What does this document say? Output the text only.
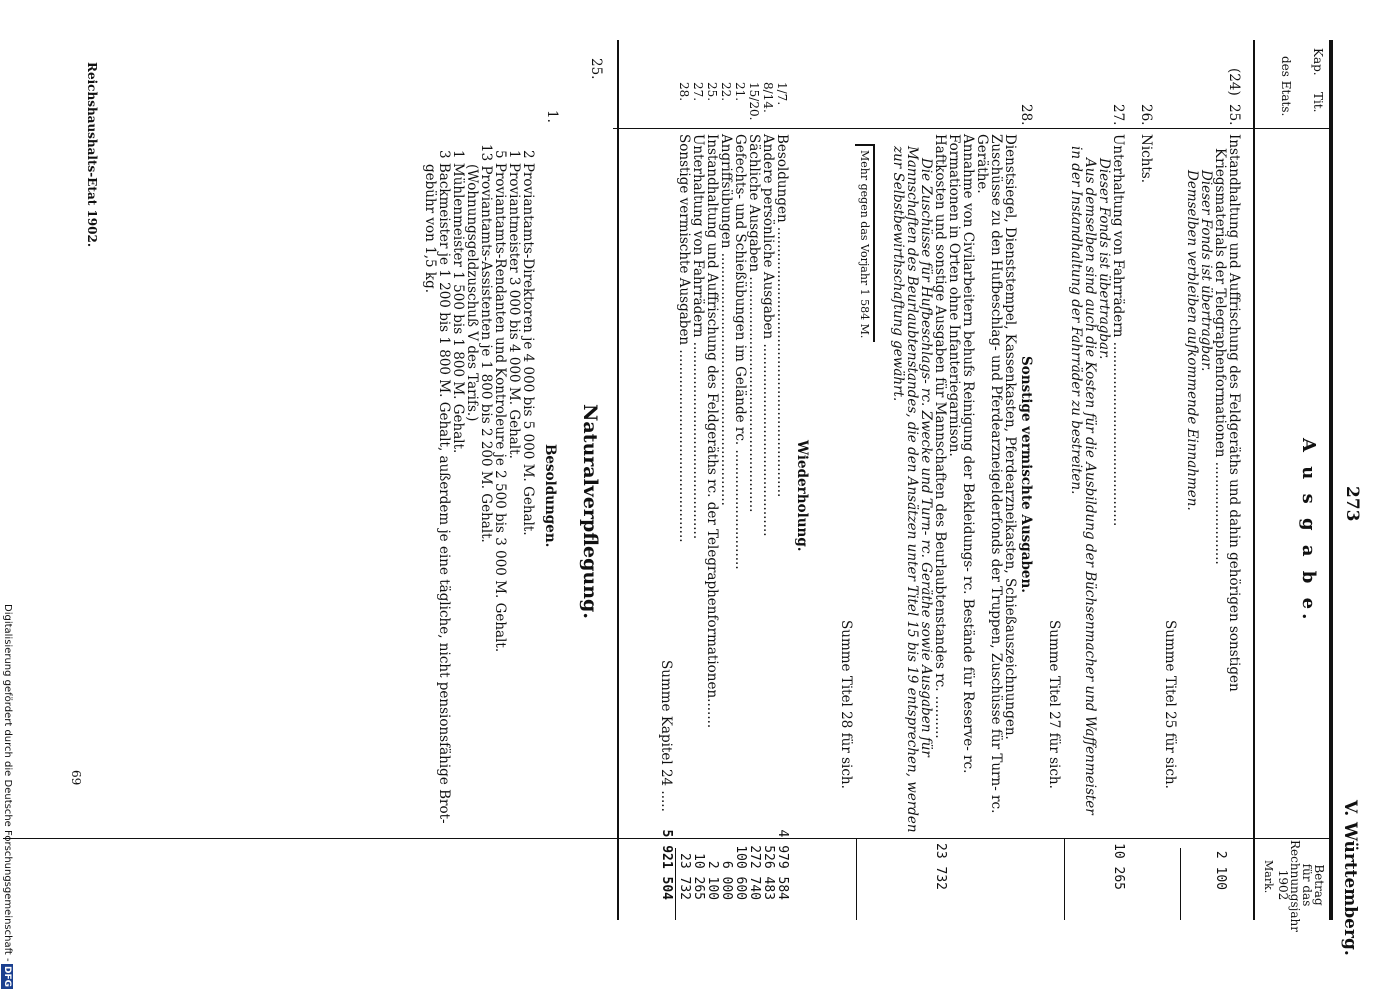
273
V. Württemberg.
Kap.
Tit.
des Etats.
A u s g a b e.
Betrag
für das
Rechnungsjahr
1902
Mark.
(24)
25.
Instandhaltung und Auffrischung des Feldgeräths und dahin gehörigen sonstigen
Kriegsmaterials der Telegraphenformationen ........................
Dieser Fonds ist übertragbar.
Demselben verbleiben aufkommende Einnahmen.
2 100
Summe Titel 25 für sich.
26.
Nichts.
27.
Unterhaltung von Fahrrädern ...........................................
Dieser Fonds ist übertragbar.
Aus demselben sind auch die Kosten für die Ausbildung der Büchsenmacher und Waffenmeister
in der Instandhaltung der Fahrräder zu bestreiten.
10 265
Summe Titel 27 für sich.
28.
Sonstige vermischte Ausgaben.
Dienstsiegel, Dienststempel, Kassenkasten, Pferdearzneikasten, Schießauszeichnungen.
Zuschüsse zu den Hufbeschlag- und Pferdearzneigelderfonds der Truppen, Zuschüsse für Turn- rc.
Geräthe.
Annahme von Civilarbeitern behufs Reinigung der Bekleidungs- rc. Bestände für Reserve- rc.
Formationen in Orten ohne Infanteriegarnison.
Haftkosten und sonstige Ausgaben für Mannschaften des Beurlaubtenstandes rc. ..........
Die Zuschüsse für Hufbeschlags- rc. Zwecke und Turn- rc. Geräthe sowie Ausgaben für
Mannschaften des Beurlaubtenstandes, die den Ansätzen unter Titel 15 bis 19 entsprechen, werden
zur Selbstbewirthschaftung gewährt.
23 732
Mehr gegen das Vorjahr 1 584 M.
Summe Titel 28 für sich.
Wiederholung.
1/7.
Besoldungen ...............................................................
4 979 584
8/14.
Andere persönliche Ausgaben .............................................
526 483
15/20.
Sächliche Ausgaben .......................................................
272 740
21.
Gefechts- und Schießübungen im Gelände rc. ............................
100 600
22.
Angriffsübungen ...........................................................
6 000
25.
Instandhaltung und Auffrischung des Feldgeräths rc. der Telegraphenformationen.......
2 100
27.
Unterhaltung von Fahrrädern ..............................................
10 265
28.
Sonstige vermischte Ausgaben .............................................
23 732
Summe Kapitel 24 .....
5 921 504
25.
1.
Naturalverpflegung.
Besoldungen.
2 Proviantamts-Direktoren je 4 000 bis 5 000 M. Gehalt.
1 Proviantmeister 3 000 bis 4 000 M. Gehalt.
5 Proviantamts-Rendanten und Kontroleure je 2 500 bis 3 000 M. Gehalt.
13 Proviantamts-Assistenten je 1 800 bis 2 200 M. Gehalt.
(Wohnungsgeldzuschuß V des Tarifs.)
1 Mühlenmeister 1 500 bis 1 800 M. Gehalt.
3 Backmeister je 1 200 bis 1 800 M. Gehalt, außerdem je eine tägliche, nicht pensionsfähige Brot-
gebühr von 1,5 kg.
Reichshaushalts-Etat 1902.
69
Digitalisierung gefördert durch die Deutsche Forschungsgemeinschaft -
DFG
